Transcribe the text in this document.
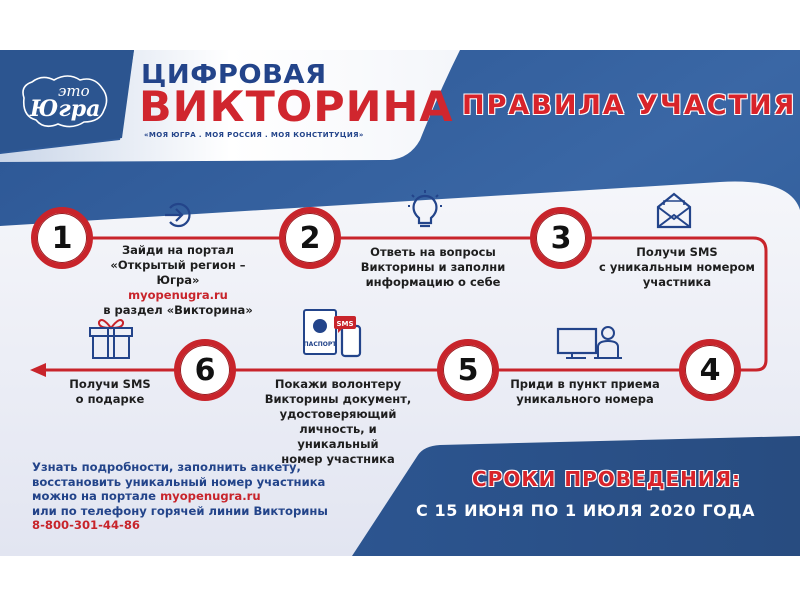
это
Югра
ЦИФРОВАЯ
ВИКТОРИНА
«МОЯ ЮГРА . МОЯ РОССИЯ . МОЯ КОНСТИТУЦИЯ»
ПРАВИЛА УЧАСТИЯ
1	Зайди на портал
«Открытый регион – Югра»
myopenugra.ru
в раздел «Викторина»
2	Ответь на вопросы
Викторины и заполни
информацию о себе
3	Получи SMS
с уникальным номером
участника
4
Приди в пункт приема
уникального номера
5
ПАСПОРТ
SMS
Покажи волонтеру
Викторины документ,
удостоверяющий
личность, и уникальный
номер участника
6
Получи SMS
о подарке
Узнать подробности, заполнить анкету,
восстановить уникальный номер участника
можно на портале myopenugra.ru
или по телефону горячей линии Викторины
8-800-301-44-86
СРОКИ ПРОВЕДЕНИЯ:
С 15 ИЮНЯ ПО 1 ИЮЛЯ 2020 ГОДА
